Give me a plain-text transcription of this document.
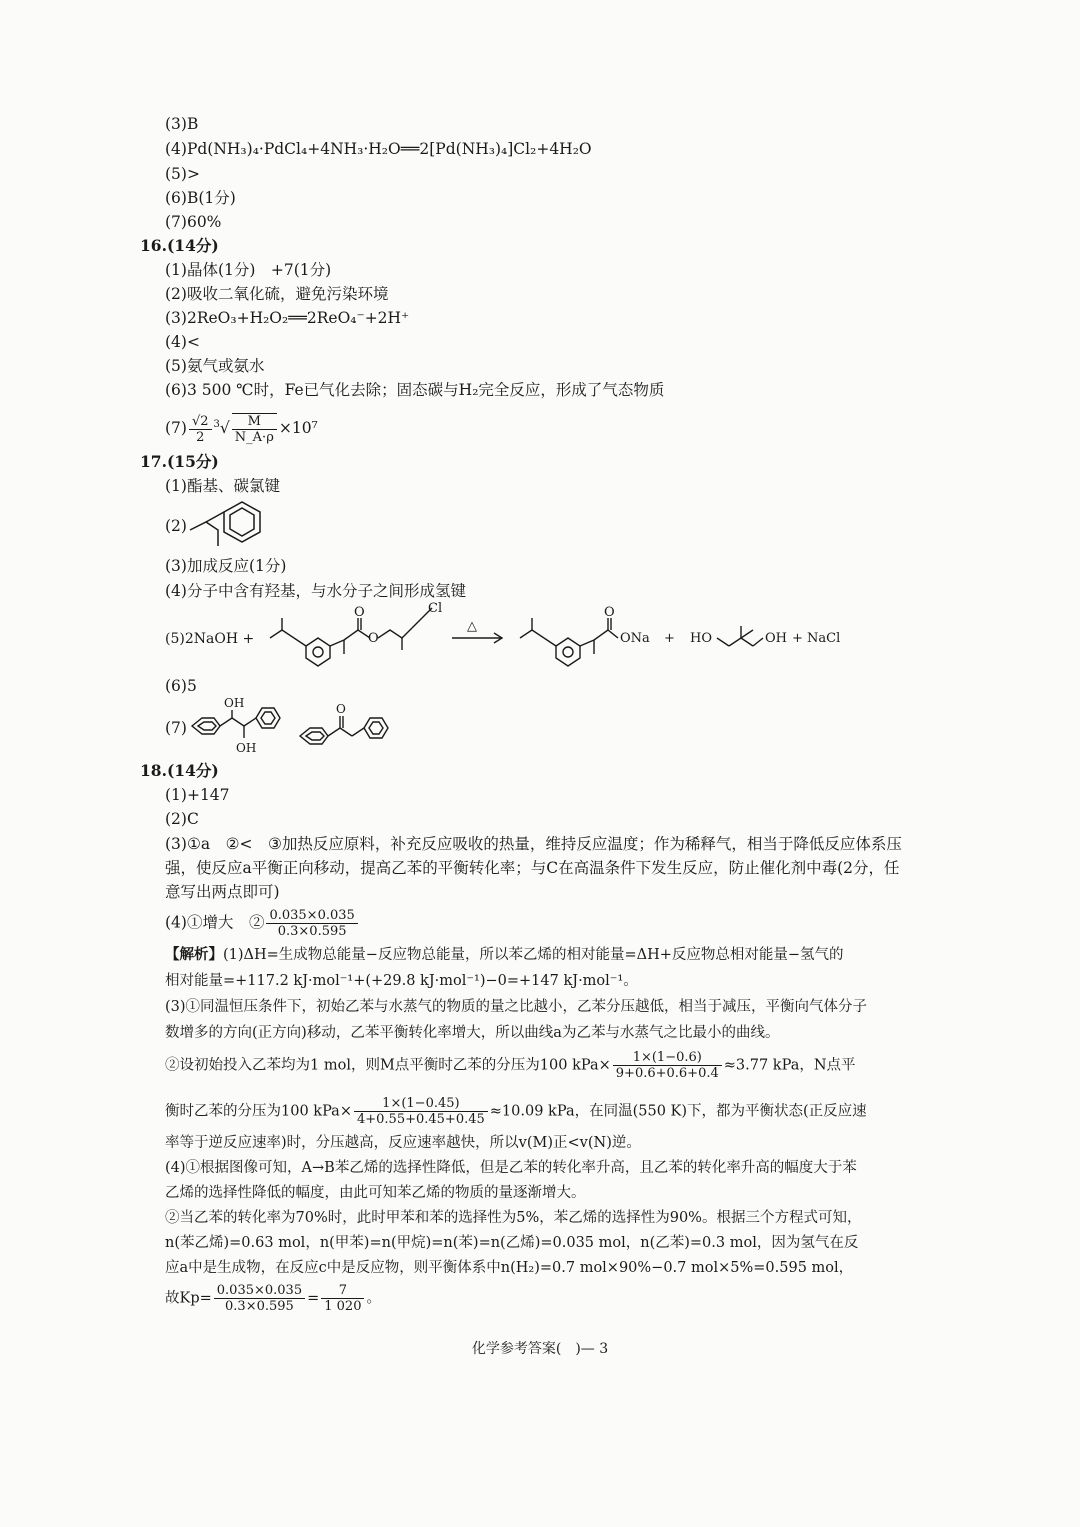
(3)B
(4)Pd(NH₃)₄·PdCl₄+4NH₃·H₂O══2[Pd(NH₃)₄]Cl₂+4H₂O
(5)>
(6)B(1分)
(7)60%
16.(14分)
(1)晶体(1分)　+7(1分)
(2)吸收二氧化硫，避免污染环境
(3)2ReO₃+H₂O₂══2ReO₄⁻+2H⁺
(4)<
(5)氨气或氨水
(6)3 500 ℃时，Fe已气化去除；固态碳与H₂完全反应，形成了气态物质
$(7) \frac{√2}{2} ^3√ \frac{M}{N\_A\cdot\rho} \times 10^7$
17.(15分)
(1)酯基、碳氯键
(2)
(3)加成反应(1分)
(4)分子中含有羟基，与水分子之间形成氢键
(5)2NaOH +
Cl
O
O
△
O
ONa + HO	OH + NaCl
(6)5
(7)
OH
OH
O
18.(14分)
(1)+147
(2)C
(3)①a　②<　③加热反应原料，补充反应吸收的热量，维持反应温度；作为稀释气，相当于降低反应体系压
强，使反应a平衡正向移动，提高乙苯的平衡转化率；与C在高温条件下发生反应，防止催化剂中毒(2分，任
意写出两点即可)
(4)①增大　② $\frac{0.035\times 0.035}{0.3\times 0.595}$
【解析】(1)ΔH=生成物总能量−反应物总能量，所以苯乙烯的相对能量=ΔH+反应物总相对能量−氢气的
相对能量=+117.2 kJ·mol⁻¹+(+29.8 kJ·mol⁻¹)−0=+147 kJ·mol⁻¹。
(3)①同温恒压条件下，初始乙苯与水蒸气的物质的量之比越小，乙苯分压越低，相当于减压，平衡向气体分子
数增多的方向(正方向)移动，乙苯平衡转化率增大，所以曲线a为乙苯与水蒸气之比最小的曲线。
②设初始投入乙苯均为1 mol，则M点平衡时乙苯的分压为100 $kPa\times \frac{1\times(1-0.6)}{9+0.6+0.6+0.4} \approx 3.77$ kPa，N点平
衡时乙苯的分压为100 $kPa\times \frac{1\times(1-0.45)}{4+0.55+0.45+0.45} \approx 10.09$ kPa，在同温(550 K)下，都为平衡状态(正反应速
率等于逆反应速率)时，分压越高，反应速率越快，所以v(M)正<v(N)逆。
(4)①根据图像可知，A→B苯乙烯的选择性降低，但是乙苯的转化率升高，且乙苯的转化率升高的幅度大于苯
乙烯的选择性降低的幅度，由此可知苯乙烯的物质的量逐渐增大。
②当乙苯的转化率为70%时，此时甲苯和苯的选择性为5%，苯乙烯的选择性为90%。根据三个方程式可知，
n(苯乙烯)=0.63 mol，n(甲苯)=n(甲烷)=n(苯)=n(乙烯)=0.035 mol，n(乙苯)=0.3 mol，因为氢气在反
应a中是生成物，在反应c中是反应物，则平衡体系中n(H₂)=0.7 mol×90%−0.7 mol×5%=0.595 mol，
故$Kp= \frac{0.035\times 0.035}{0.3\times 0.595} = \frac{7}{1 020}$ 。
化学参考答案(　)— 3
